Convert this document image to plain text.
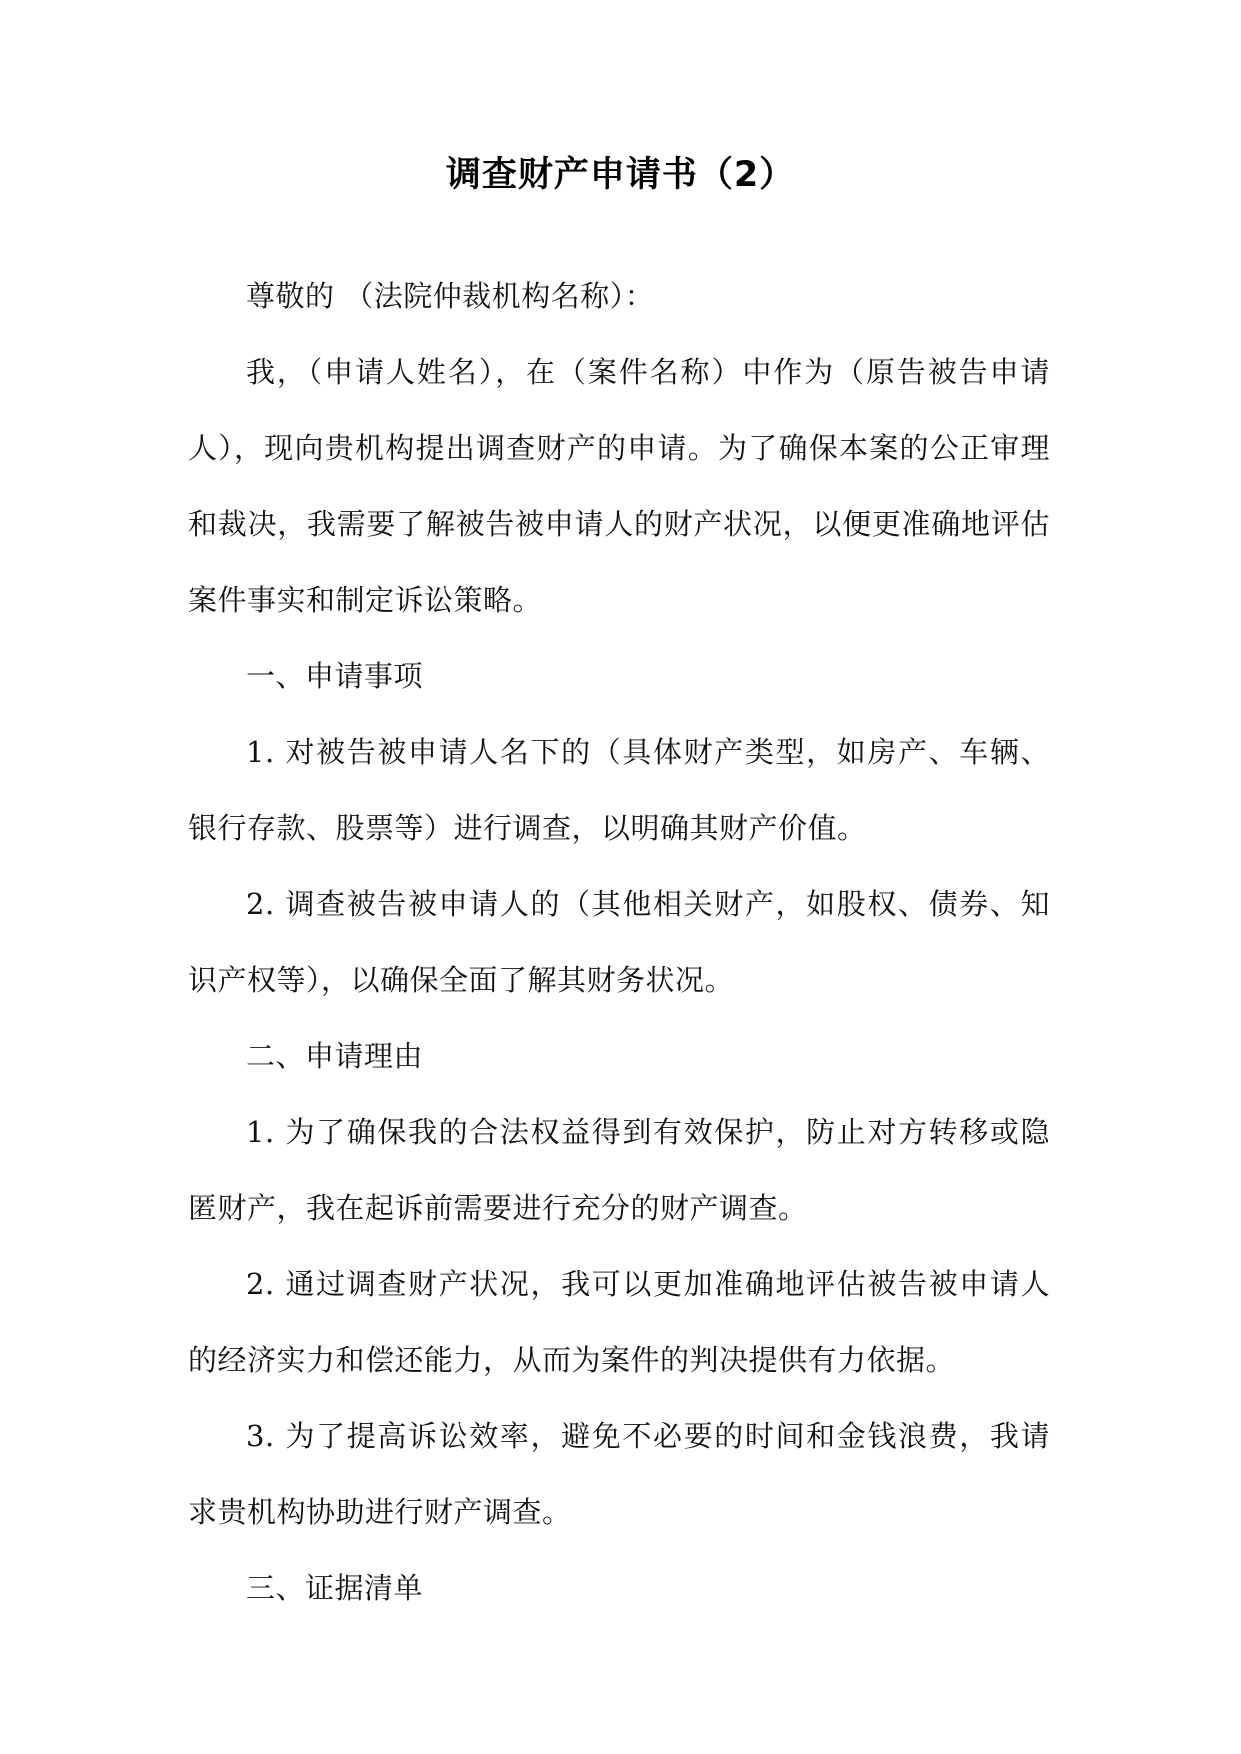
调查财产申请书（2）

尊敬的 （法院仲裁机构名称）：

我，（申请人姓名），在（案件名称）中作为（原告被告申请人），现向贵机构提出调查财产的申请。为了确保本案的公正审理和裁决，我需要了解被告被申请人的财产状况，以便更准确地评估案件事实和制定诉讼策略。

一、申请事项

1. 对被告被申请人名下的（具体财产类型，如房产、车辆、银行存款、股票等）进行调查，以明确其财产价值。

2. 调查被告被申请人的（其他相关财产，如股权、债券、知识产权等），以确保全面了解其财务状况。

二、申请理由

1. 为了确保我的合法权益得到有效保护，防止对方转移或隐匿财产，我在起诉前需要进行充分的财产调查。

2. 通过调查财产状况，我可以更加准确地评估被告被申请人的经济实力和偿还能力，从而为案件的判决提供有力依据。

3. 为了提高诉讼效率，避免不必要的时间和金钱浪费，我请求贵机构协助进行财产调查。

三、证据清单
